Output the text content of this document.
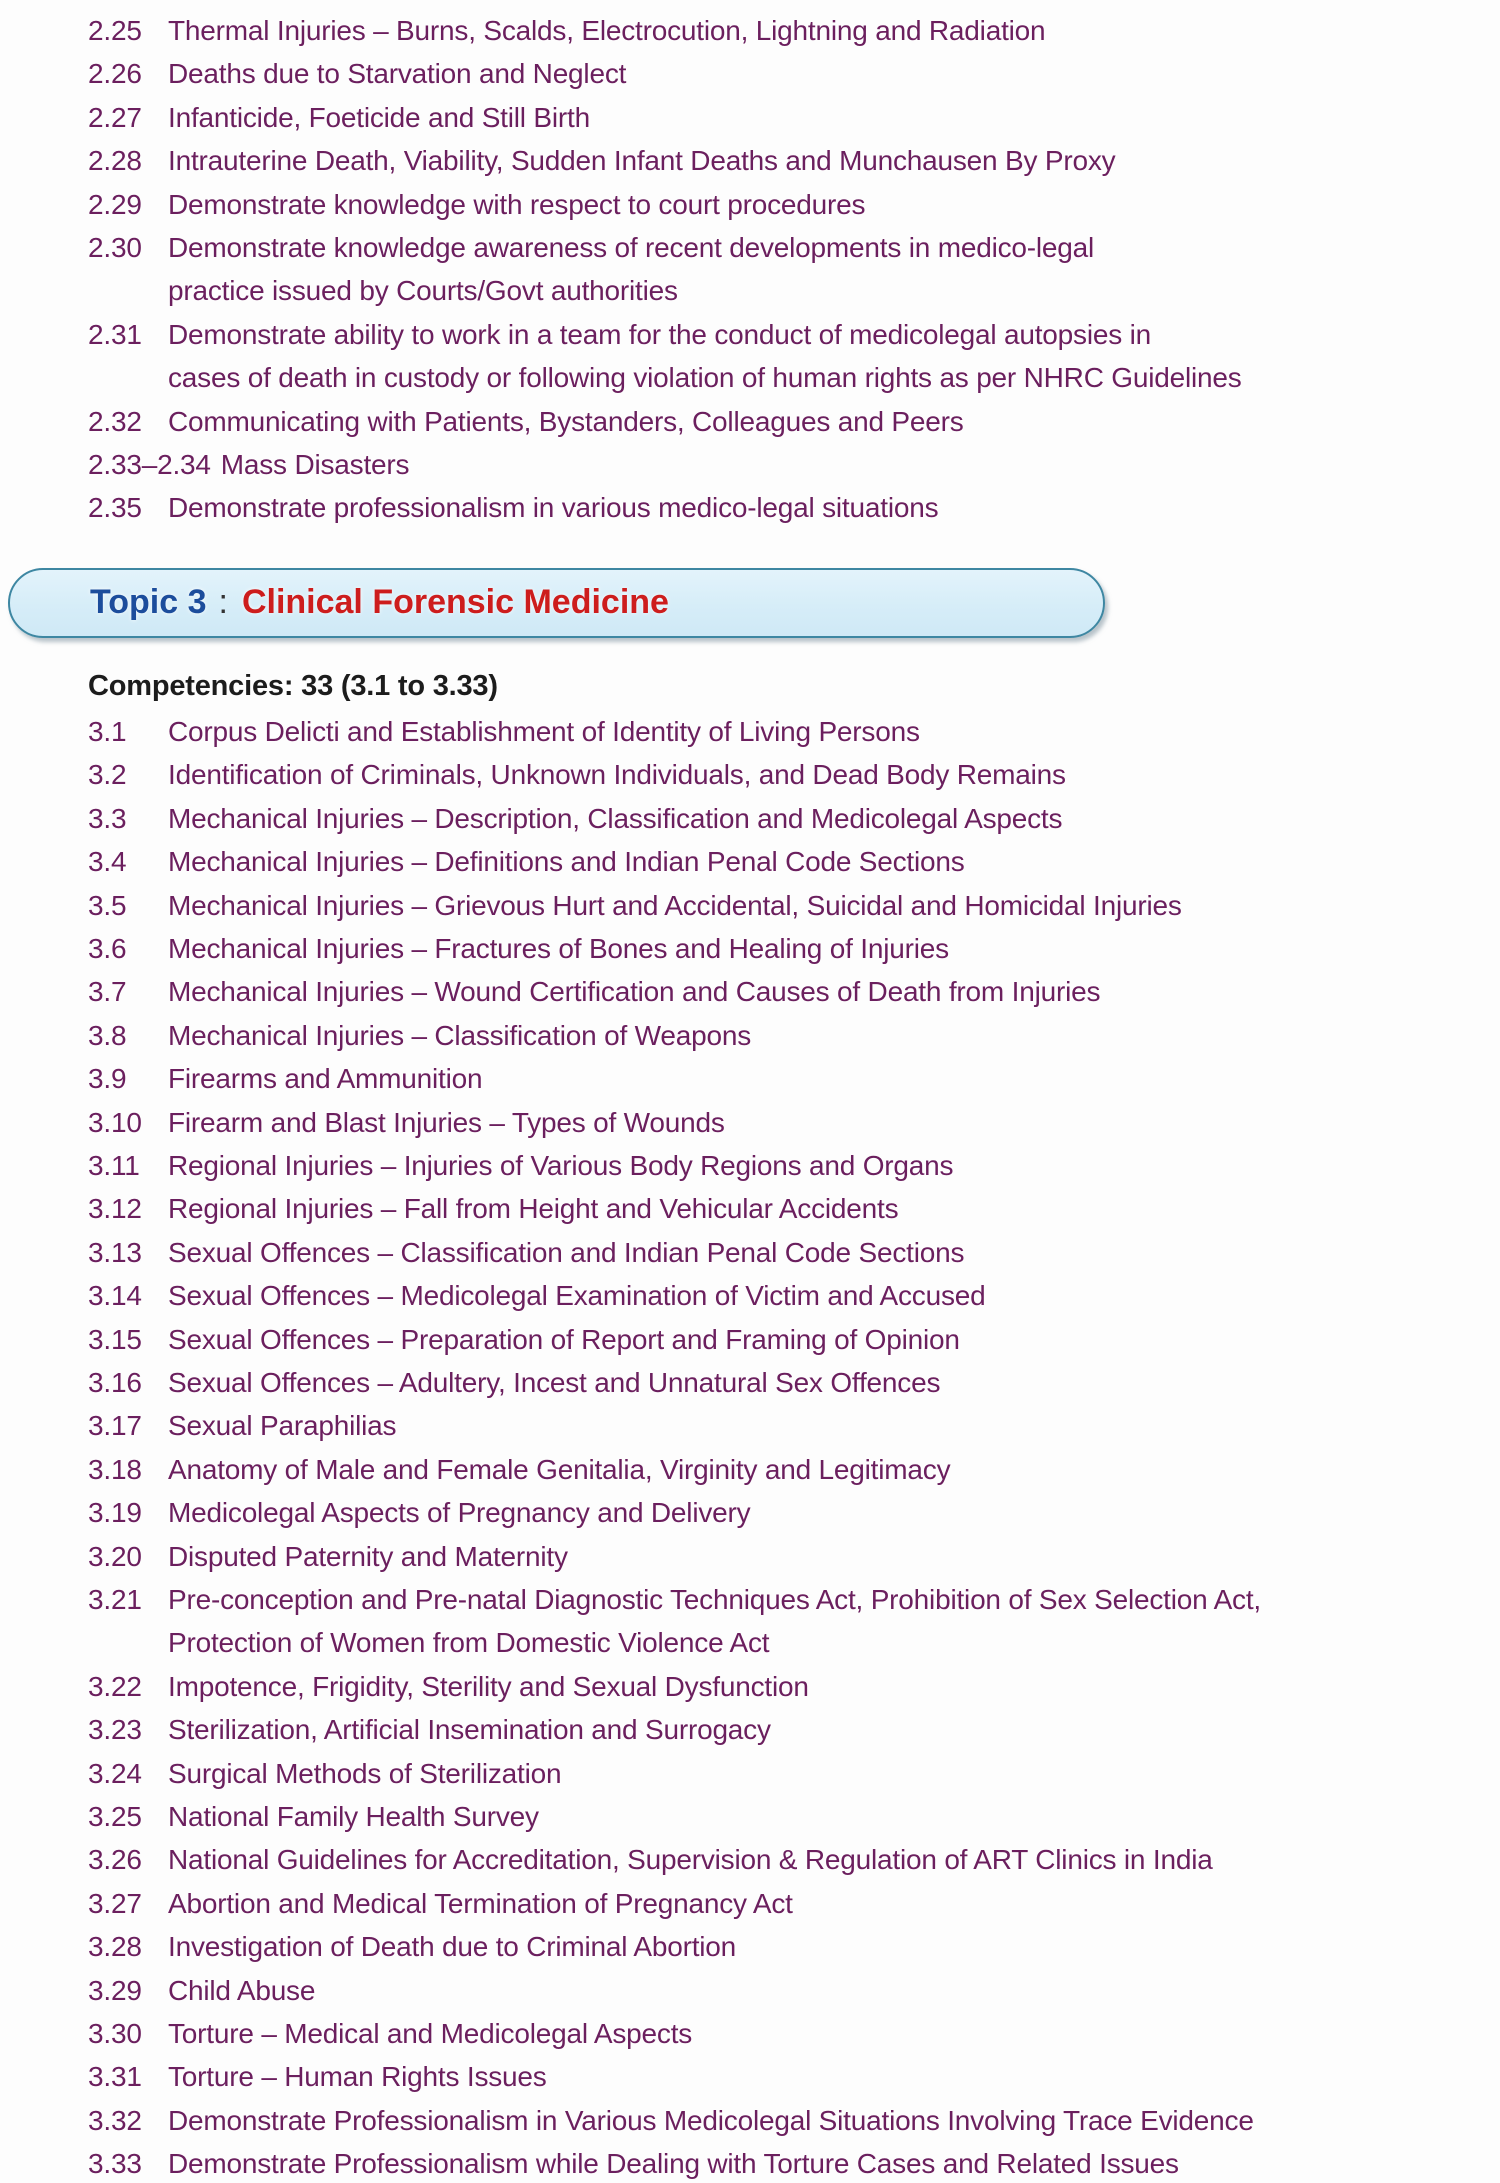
2.25 Thermal Injuries – Burns, Scalds, Electrocution, Lightning and Radiation
2.26 Deaths due to Starvation and Neglect
2.27 Infanticide, Foeticide and Still Birth
2.28 Intrauterine Death, Viability, Sudden Infant Deaths and Munchausen By Proxy
2.29 Demonstrate knowledge with respect to court procedures
2.30 Demonstrate knowledge awareness of recent developments in medico-legal
practice issued by Courts/Govt authorities
2.31 Demonstrate ability to work in a team for the conduct of medicolegal autopsies in
cases of death in custody or following violation of human rights as per NHRC Guidelines
2.32 Communicating with Patients, Bystanders, Colleagues and Peers
2.33–2.34 Mass Disasters
2.35 Demonstrate professionalism in various medico-legal situations
Topic 3 : Clinical Forensic Medicine
Competencies: 33 (3.1 to 3.33)
3.1	Corpus Delicti and Establishment of Identity of Living Persons
3.2	Identification of Criminals, Unknown Individuals, and Dead Body Remains
3.3	Mechanical Injuries – Description, Classification and Medicolegal Aspects
3.4	Mechanical Injuries – Definitions and Indian Penal Code Sections
3.5	Mechanical Injuries – Grievous Hurt and Accidental, Suicidal and Homicidal Injuries
3.6	Mechanical Injuries – Fractures of Bones and Healing of Injuries
3.7	Mechanical Injuries – Wound Certification and Causes of Death from Injuries
3.8	Mechanical Injuries – Classification of Weapons
3.9	Firearms and Ammunition
3.10 Firearm and Blast Injuries – Types of Wounds
3.11	Regional Injuries – Injuries of Various Body Regions and Organs
3.12 Regional Injuries – Fall from Height and Vehicular Accidents
3.13 Sexual Offences – Classification and Indian Penal Code Sections
3.14 Sexual Offences – Medicolegal Examination of Victim and Accused
3.15 Sexual Offences – Preparation of Report and Framing of Opinion
3.16 Sexual Offences – Adultery, Incest and Unnatural Sex Offences
3.17 Sexual Paraphilias
3.18 Anatomy of Male and Female Genitalia, Virginity and Legitimacy
3.19 Medicolegal Aspects of Pregnancy and Delivery
3.20 Disputed Paternity and Maternity
3.21 Pre-conception and Pre-natal Diagnostic Techniques Act, Prohibition of Sex Selection Act,
Protection of Women from Domestic Violence Act
3.22 Impotence, Frigidity, Sterility and Sexual Dysfunction
3.23 Sterilization, Artificial Insemination and Surrogacy
3.24 Surgical Methods of Sterilization
3.25 National Family Health Survey
3.26 National Guidelines for Accreditation, Supervision & Regulation of ART Clinics in India
3.27 Abortion and Medical Termination of Pregnancy Act
3.28 Investigation of Death due to Criminal Abortion
3.29 Child Abuse
3.30 Torture – Medical and Medicolegal Aspects
3.31 Torture – Human Rights Issues
3.32 Demonstrate Professionalism in Various Medicolegal Situations Involving Trace Evidence
3.33 Demonstrate Professionalism while Dealing with Torture Cases and Related Issues
